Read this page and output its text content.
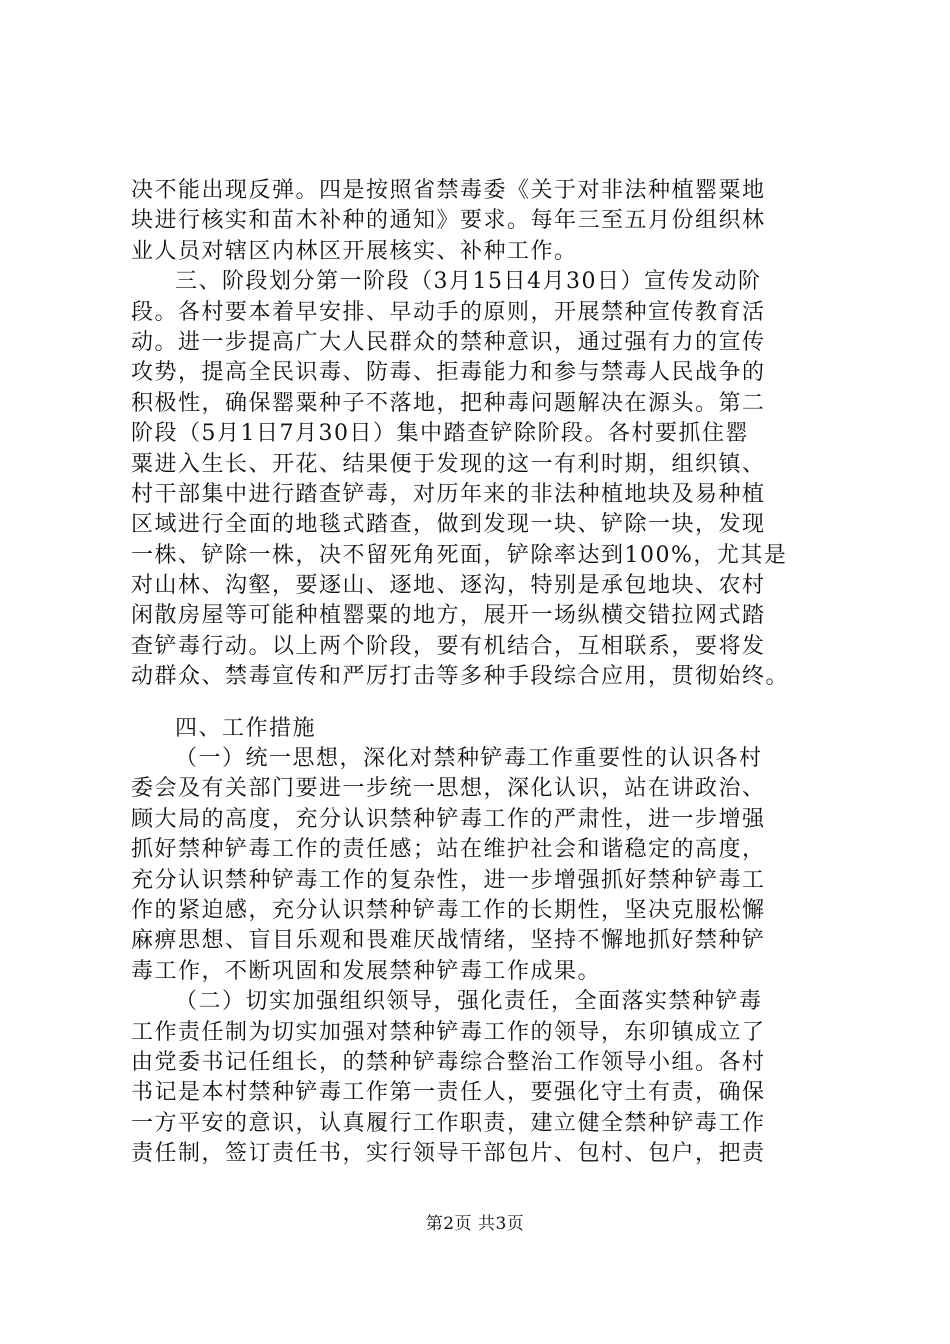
决不能出现反弹。四是按照省禁毒委《关于对非法种植罂粟地
块进行核实和苗木补种的通知》要求。每年三至五月份组织林
业人员对辖区内林区开展核实、补种工作。
三、阶段划分第一阶段（3月15日4月30日）宣传发动阶
段。各村要本着早安排、早动手的原则，开展禁种宣传教育活
动。进一步提高广大人民群众的禁种意识，通过强有力的宣传
攻势，提高全民识毒、防毒、拒毒能力和参与禁毒人民战争的
积极性，确保罂粟种子不落地，把种毒问题解决在源头。第二
阶段（5月1日7月30日）集中踏查铲除阶段。各村要抓住罂
粟进入生长、开花、结果便于发现的这一有利时期，组织镇、
村干部集中进行踏查铲毒，对历年来的非法种植地块及易种植
区域进行全面的地毯式踏查，做到发现一块、铲除一块，发现
一株、铲除一株，决不留死角死面，铲除率达到100%，尤其是
对山林、沟壑，要逐山、逐地、逐沟，特别是承包地块、农村
闲散房屋等可能种植罂粟的地方，展开一场纵横交错拉网式踏
查铲毒行动。以上两个阶段，要有机结合，互相联系，要将发
动群众、禁毒宣传和严厉打击等多种手段综合应用，贯彻始终。
四、工作措施
（一）统一思想，深化对禁种铲毒工作重要性的认识各村
委会及有关部门要进一步统一思想，深化认识，站在讲政治、
顾大局的高度，充分认识禁种铲毒工作的严肃性，进一步增强
抓好禁种铲毒工作的责任感；站在维护社会和谐稳定的高度，
充分认识禁种铲毒工作的复杂性，进一步增强抓好禁种铲毒工
作的紧迫感，充分认识禁种铲毒工作的长期性，坚决克服松懈
麻痹思想、盲目乐观和畏难厌战情绪，坚持不懈地抓好禁种铲
毒工作，不断巩固和发展禁种铲毒工作成果。
（二）切实加强组织领导，强化责任，全面落实禁种铲毒
工作责任制为切实加强对禁种铲毒工作的领导，东卯镇成立了
由党委书记任组长，的禁种铲毒综合整治工作领导小组。各村
书记是本村禁种铲毒工作第一责任人，要强化守土有责，确保
一方平安的意识，认真履行工作职责，建立健全禁种铲毒工作
责任制，签订责任书，实行领导干部包片、包村、包户，把责
第2页 共3页
